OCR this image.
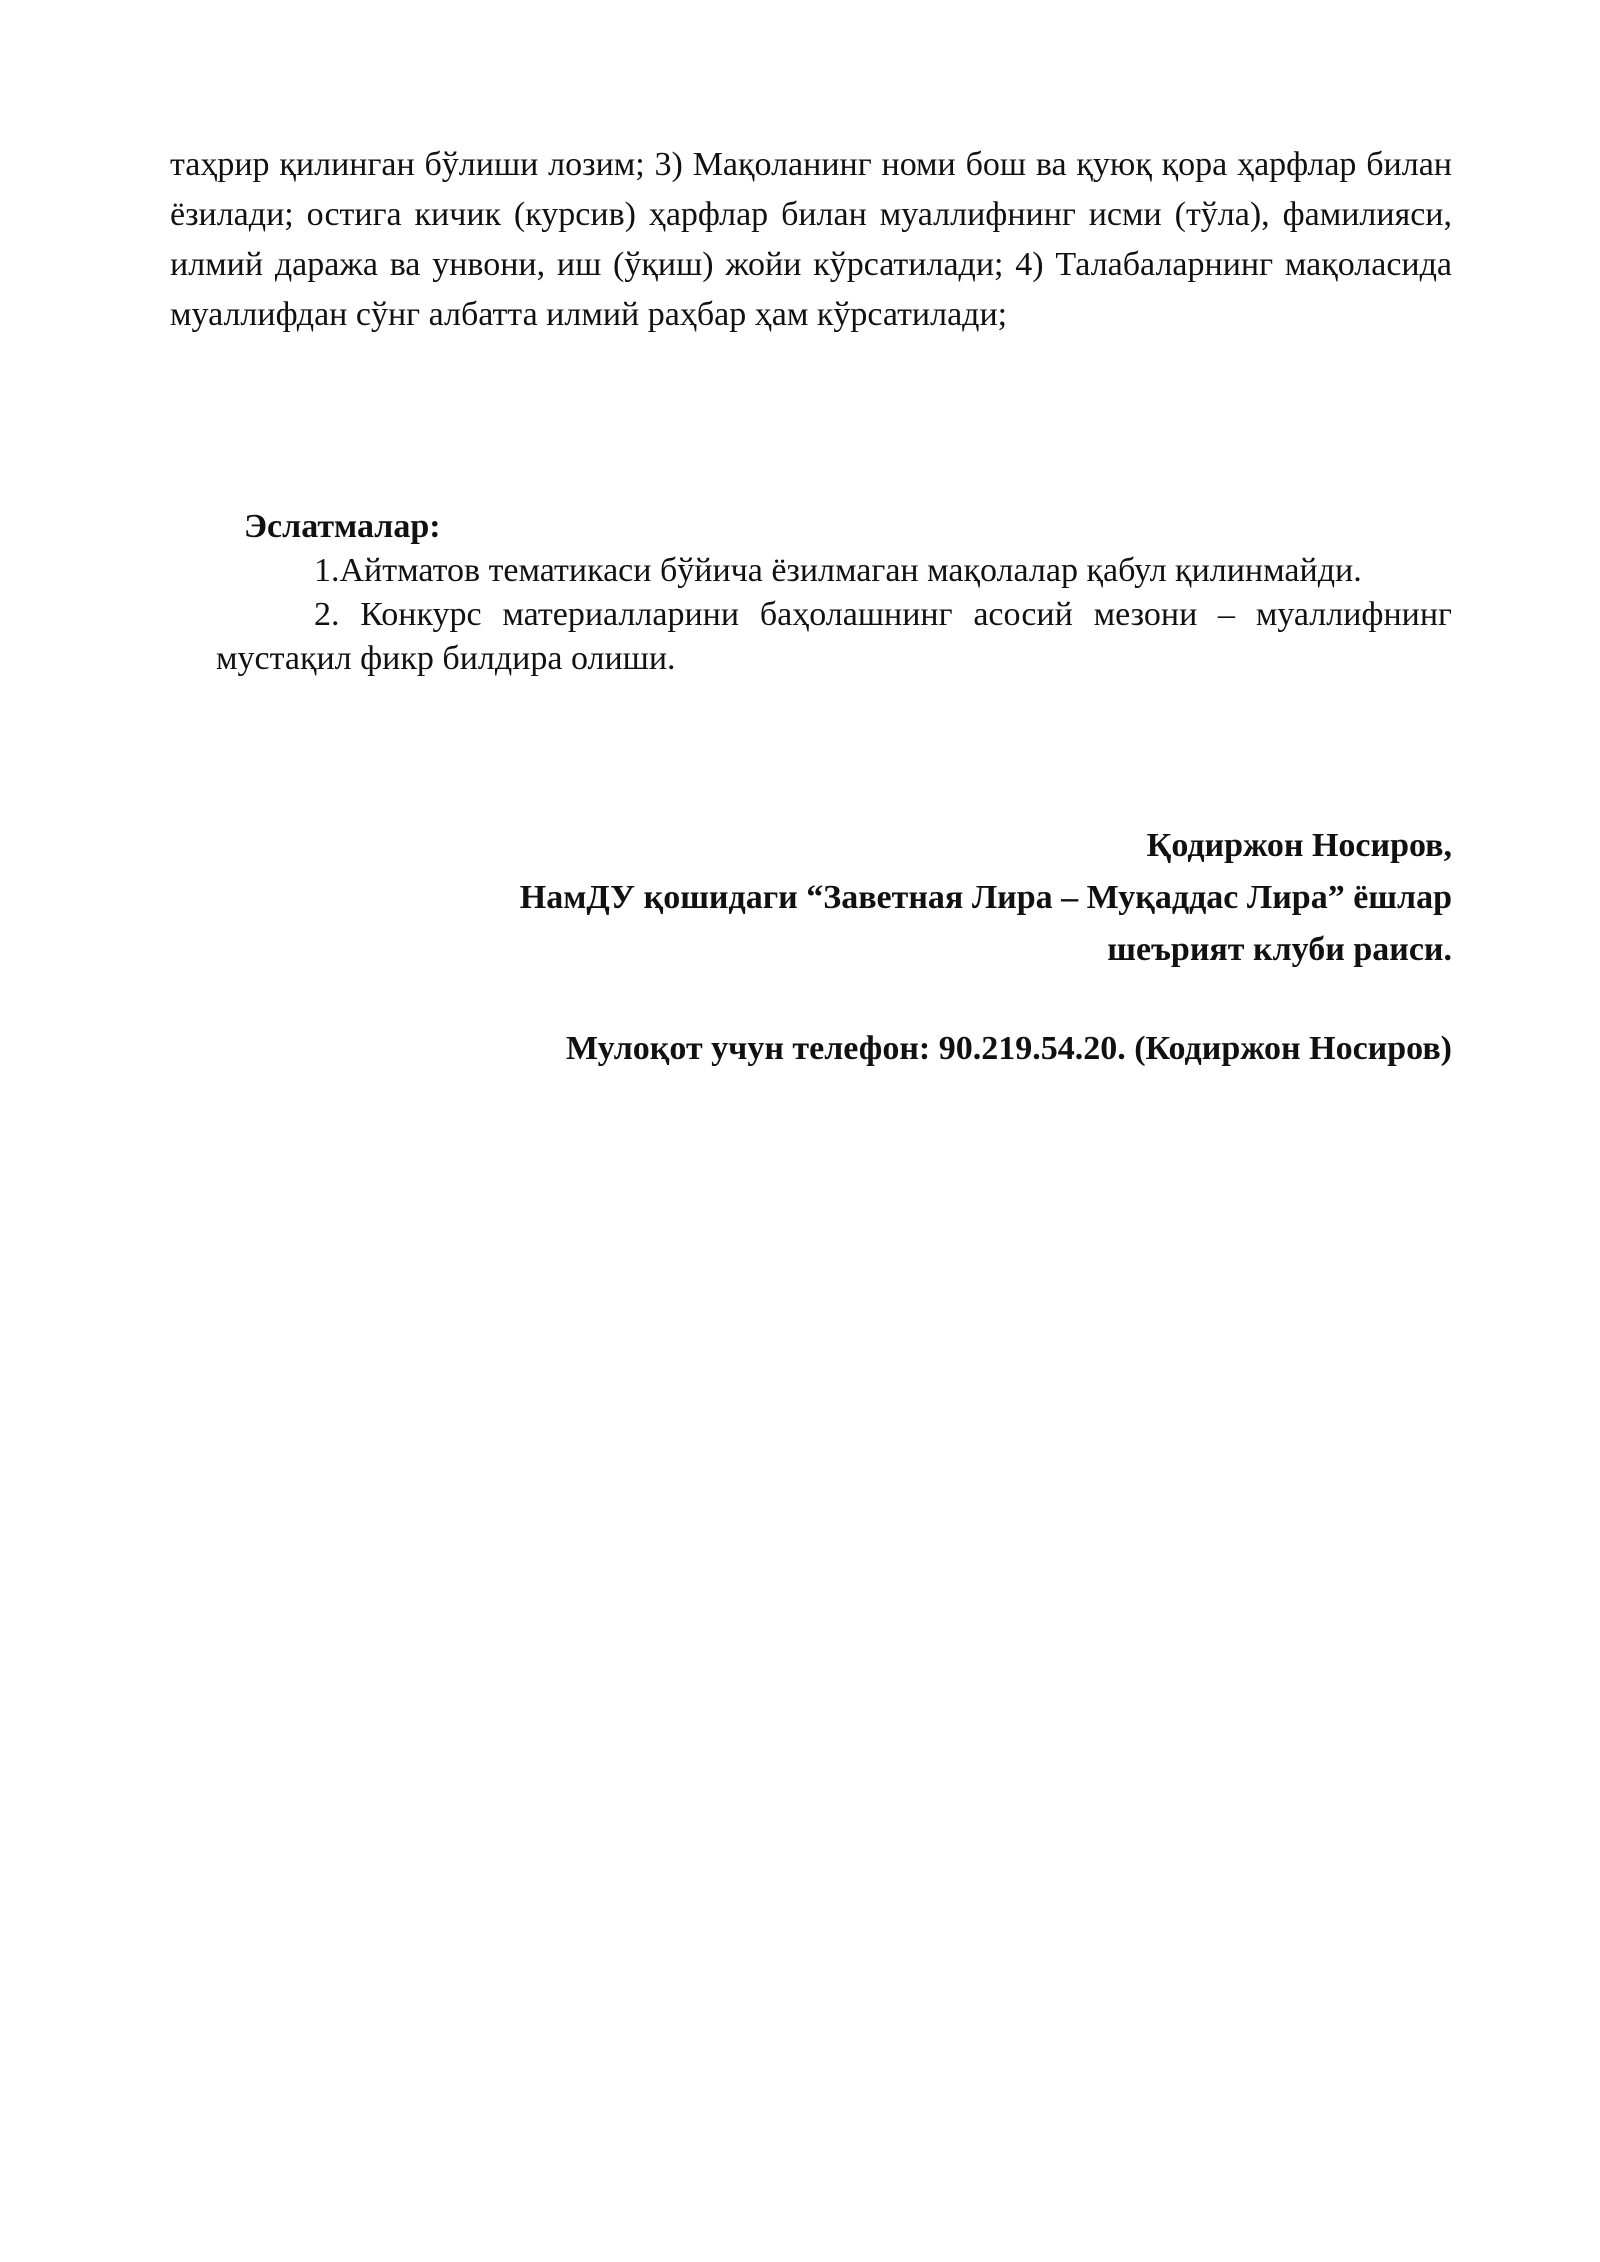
таҳрир қилинган бўлиши лозим; 3) Мақоланинг номи бош ва қуюқ қора ҳарфлар билан ёзилади; остига кичик (курсив) ҳарфлар билан муаллифнинг исми (тўла), фамилияси, илмий даража ва унвони, иш (ўқиш) жойи кўрсатилади; 4) Талабаларнинг мақоласида муаллифдан сўнг албатта илмий раҳбар ҳам кўрсатилади;

Эслатмалар:
1.Айтматов тематикаси бўйича ёзилмаган мақолалар қабул қилинмайди.
2. Конкурс материалларини баҳолашнинг асосий мезони – муаллифнинг мустақил фикр билдира олиши.
Қодиржон Носиров,
НамДУ қошидаги “Заветная Лира – Муқаддас Лира” ёшлар
шеърият клуби раиси.
Мулоқот учун телефон: 90.219.54.20. (Кодиржон Носиров)
